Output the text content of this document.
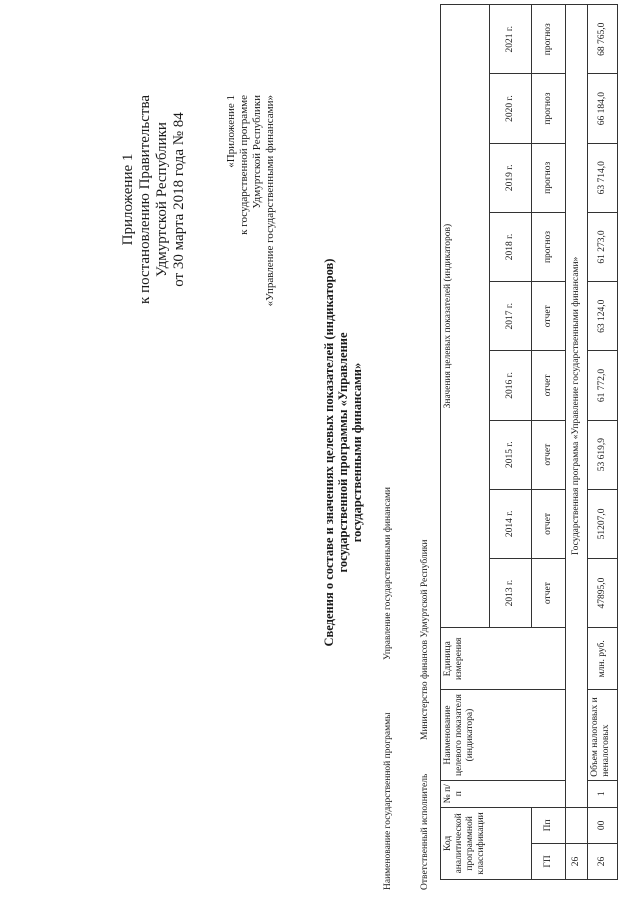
Приложение 1 к постановлению Правительства Удмуртской Республики от 30 марта 2018 года № 84	«Приложение 1 к государственной программе Удмуртской Республики «Управление государственными финансами»
Сведения о составе и значениях целевых показателей (индикаторов) государственной программы «Управление государственными финансами»
Наименование государственной программы
Управление государственными финансами
Ответственный исполнитель
Министерство финансов Удмуртской Республики
Код аналитической программной классификации		№ п/п	Наименование целевого показателя (индикатора)	Единица измерения	Значения целевых показателей (индикаторов)								
					2013 г.	2014 г.	2015 г.	2016 г.	2017 г.	2018 г.	2019 г.	2020 г.	2021 г.
ГП	Пп				отчет	отчет	отчет	отчет	отчет	прогноз	прогноз	прогноз	прогноз
26		Государственная программа «Управление государственными финансами»											
26	00	1	Объем налоговых и неналоговых	млн. руб.	47895,0	51207,0	53 619,9	61 772,0	63 124,0	61 273,0	63 714,0	66 184,0	68 765,0
